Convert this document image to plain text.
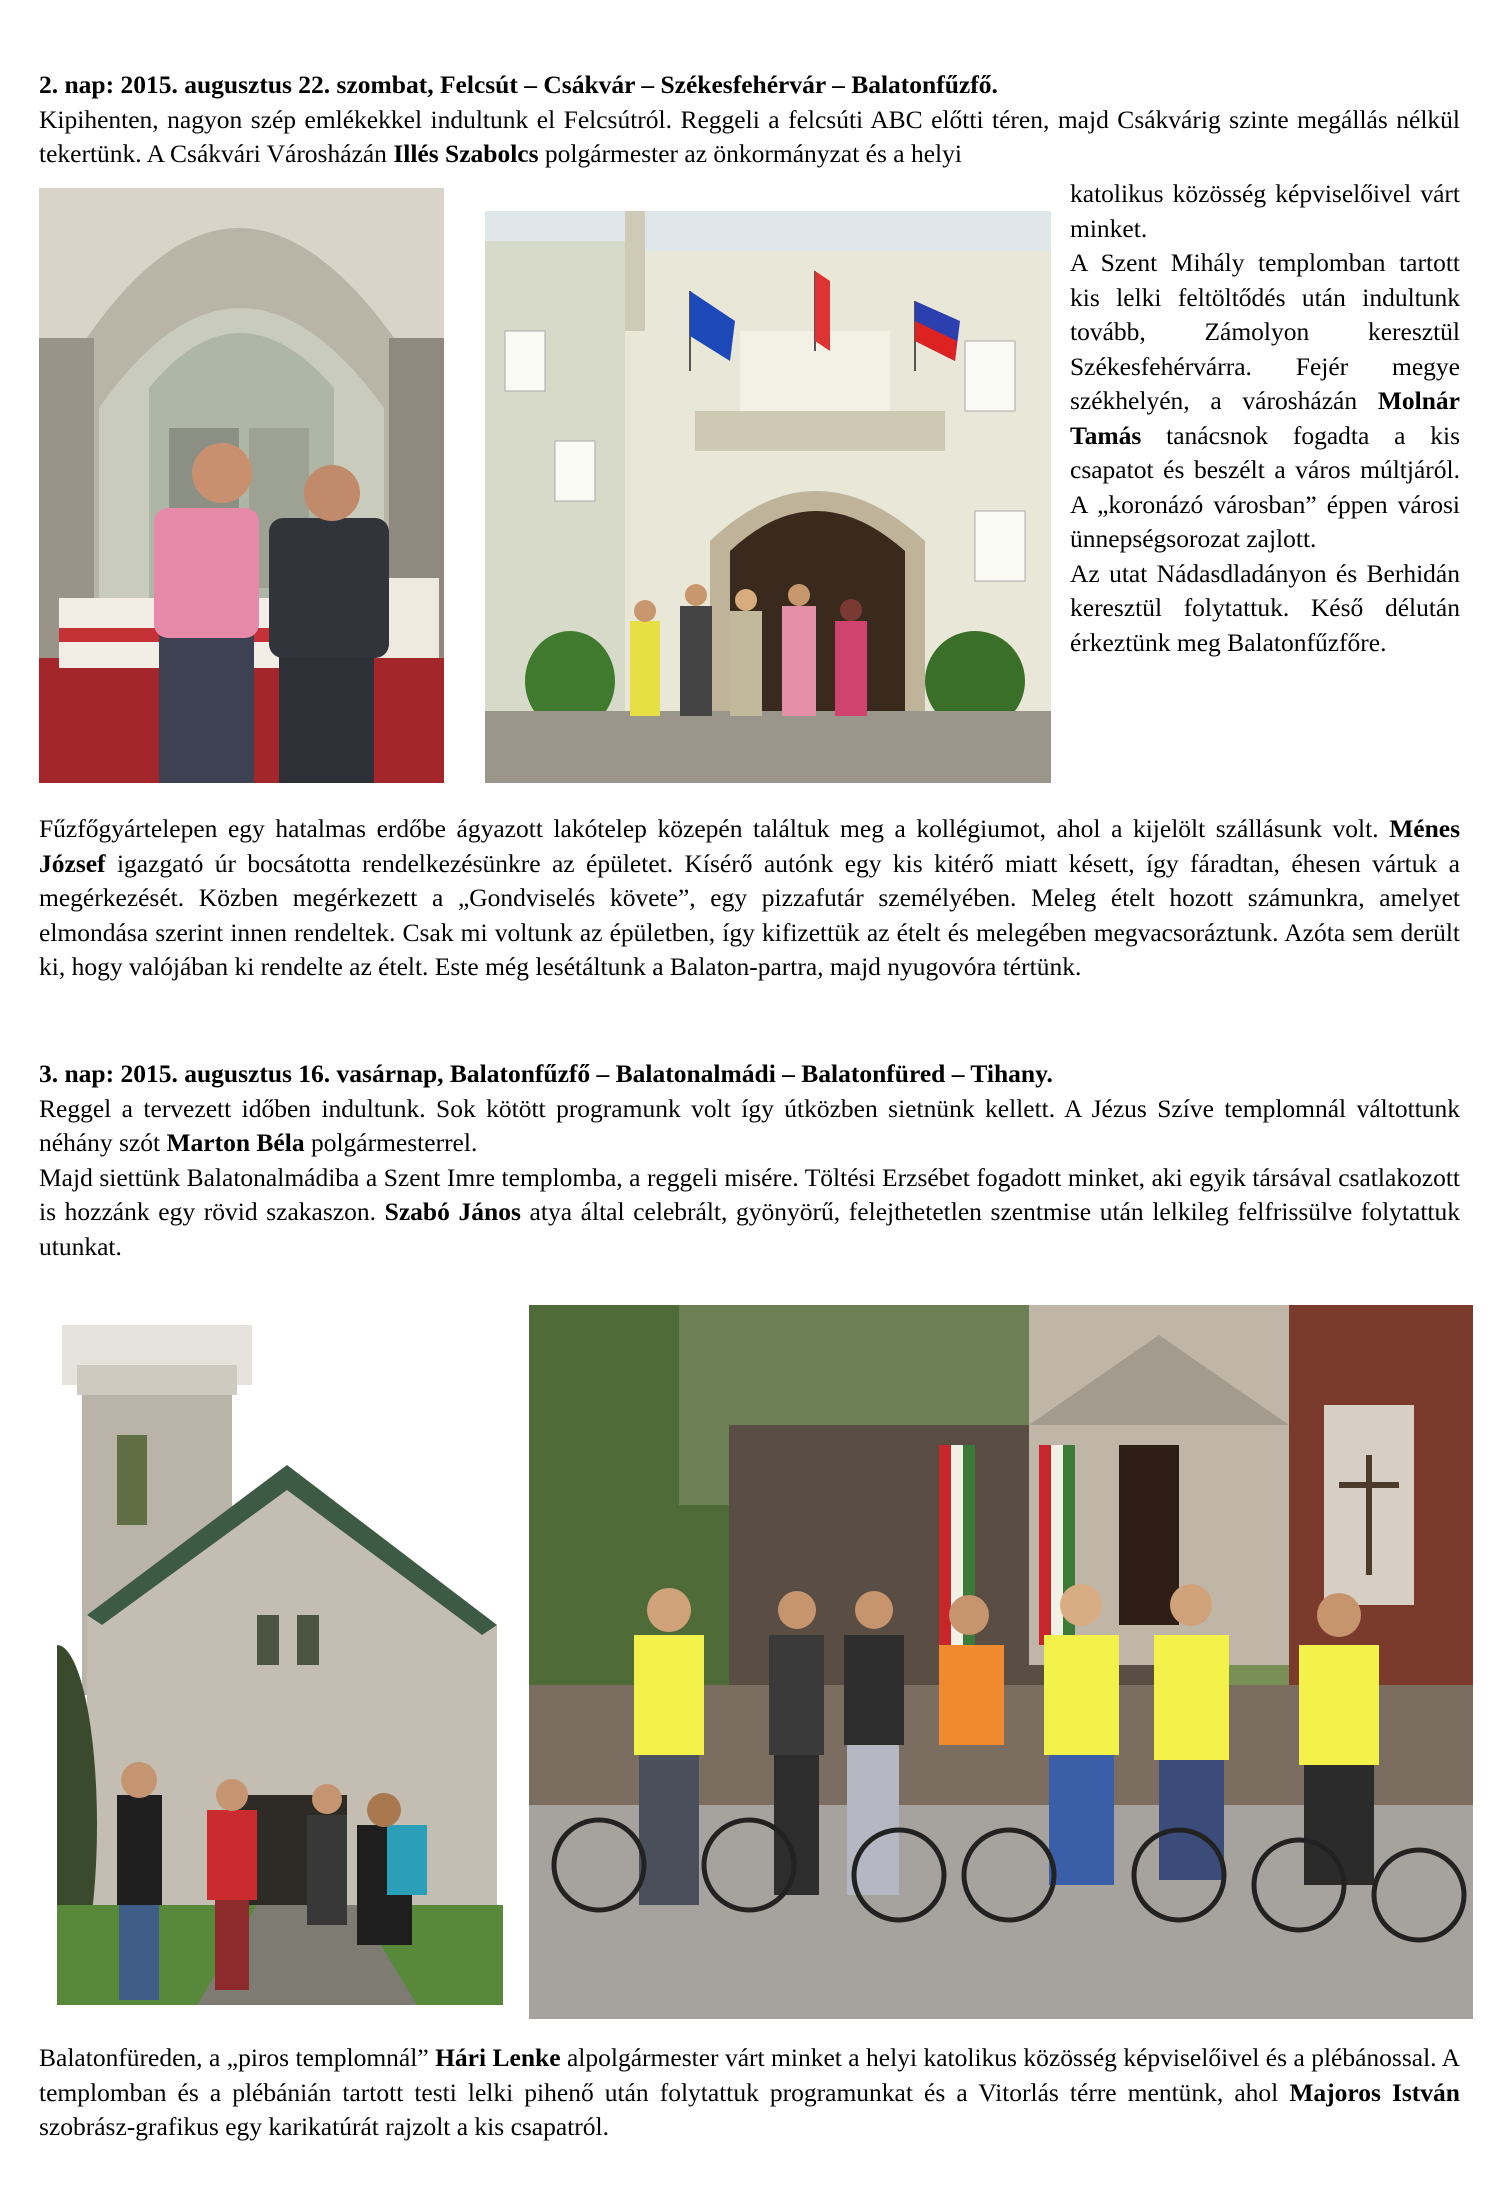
2. nap: 2015. augusztus 22. szombat, Felcsút – Csákvár – Székesfehérvár – Balatonfűzfő.

Kipihenten, nagyon szép emlékekkel indultunk el Felcsútról. Reggeli a felcsúti ABC előtti téren, majd Csákvárig szinte megállás nélkül tekertünk. A Csákvári Városházán Illés Szabolcs polgármester az önkormányzat és a helyi

katolikus közösség képviselőivel várt minket.

A Szent Mihály templomban tartott kis lelki feltöltődés után indultunk tovább, Zámolyon keresztül Székesfehérvárra. Fejér megye székhelyén, a városházán Molnár Tamás tanácsnok fogadta a kis csapatot és beszélt a város múltjáról. A „koronázó városban” éppen városi ünnepségsorozat zajlott.

Az utat Nádasdladányon és Berhidán keresztül folytattuk. Késő délután érkeztünk meg Balatonfűzfőre.

Fűzfőgyártelepen egy hatalmas erdőbe ágyazott lakótelep közepén találtuk meg a kollégiumot, ahol a kijelölt szállásunk volt. Ménes József igazgató úr bocsátotta rendelkezésünkre az épületet. Kísérő autónk egy kis kitérő miatt késett, így fáradtan, éhesen vártuk a megérkezését. Közben megérkezett a „Gondviselés követe”, egy pizzafutár személyében. Meleg ételt hozott számunkra, amelyet elmondása szerint innen rendeltek. Csak mi voltunk az épületben, így kifizettük az ételt és melegében megvacsoráztunk. Azóta sem derült ki, hogy valójában ki rendelte az ételt. Este még lesétáltunk a Balaton-partra, majd nyugovóra tértünk.

3. nap: 2015. augusztus 16. vasárnap, Balatonfűzfő – Balatonalmádi – Balatonfüred – Tihany.

Reggel a tervezett időben indultunk. Sok kötött programunk volt így útközben sietnünk kellett. A Jézus Szíve templomnál váltottunk néhány szót Marton Béla polgármesterrel.

Majd siettünk Balatonalmádiba a Szent Imre templomba, a reggeli misére. Töltési Erzsébet fogadott minket, aki egyik társával csatlakozott is hozzánk egy rövid szakaszon. Szabó János atya által celebrált, gyönyörű, felejthetetlen szentmise után lelkileg felfrissülve folytattuk utunkat.

Balatonfüreden, a „piros templomnál” Hári Lenke alpolgármester várt minket a helyi katolikus közösség képviselőivel és a plébánossal. A templomban és a plébánián tartott testi lelki pihenő után folytattuk programunkat és a Vitorlás térre mentünk, ahol Majoros István szobrász-grafikus egy karikatúrát rajzolt a kis csapatról.
